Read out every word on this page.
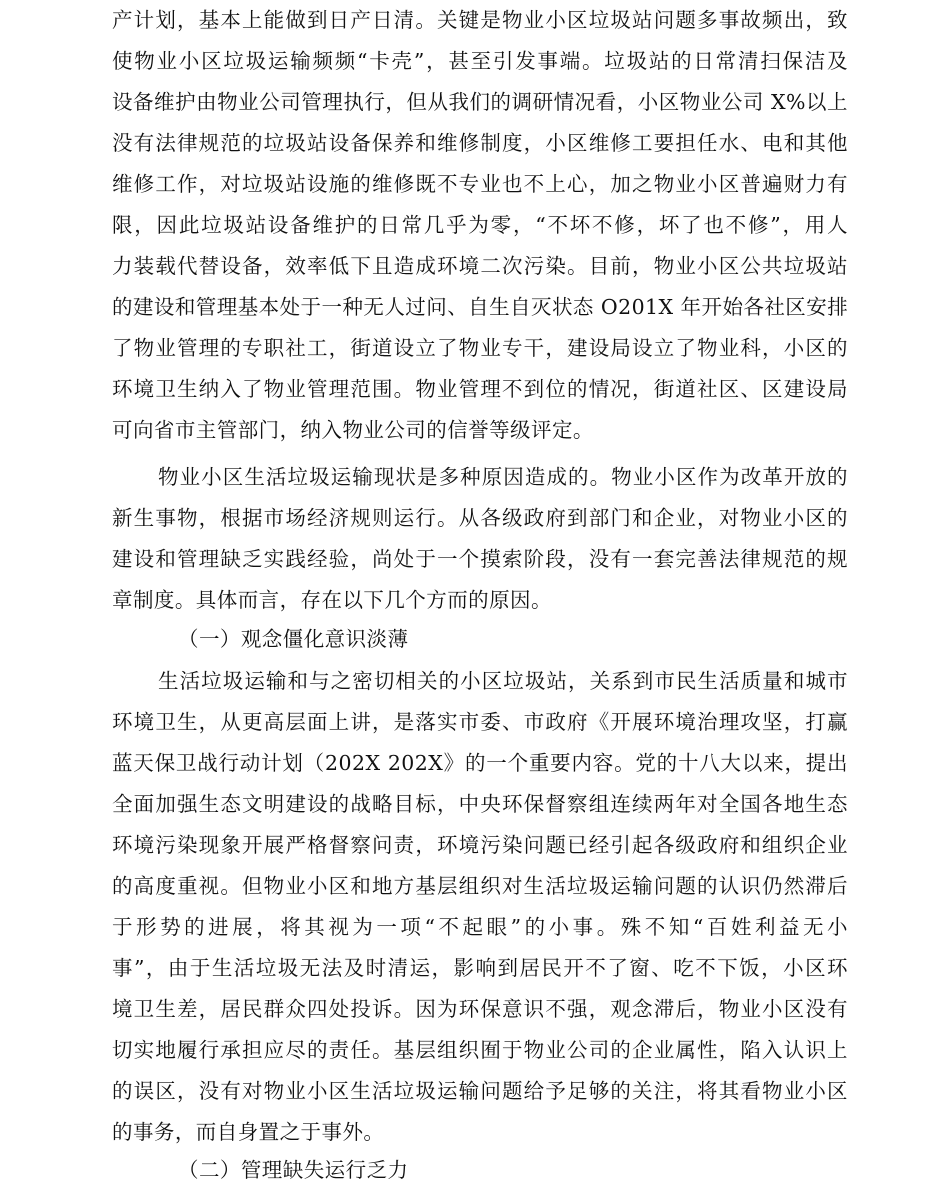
产计划，基本上能做到日产日清。关键是物业小区垃圾站问题多事故频出，致
使物业小区垃圾运输频频“卡壳”，甚至引发事端。垃圾站的日常清扫保洁及
设备维护由物业公司管理执行，但从我们的调研情况看，小区物业公司 X%以上
没有法律规范的垃圾站设备保养和维修制度，小区维修工要担任水、电和其他
维修工作，对垃圾站设施的维修既不专业也不上心，加之物业小区普遍财力有
限，因此垃圾站设备维护的日常几乎为零，“不坏不修，坏了也不修”，用人
力装载代替设备，效率低下且造成环境二次污染。目前，物业小区公共垃圾站
的建设和管理基本处于一种无人过问、自生自灭状态 O201X 年开始各社区安排
了物业管理的专职社工，街道设立了物业专干，建设局设立了物业科，小区的
环境卫生纳入了物业管理范围。物业管理不到位的情况，街道社区、区建设局
可向省市主管部门，纳入物业公司的信誉等级评定。
物业小区生活垃圾运输现状是多种原因造成的。物业小区作为改革开放的
新生事物，根据市场经济规则运行。从各级政府到部门和企业，对物业小区的
建设和管理缺乏实践经验，尚处于一个摸索阶段，没有一套完善法律规范的规
章制度。具体而言，存在以下几个方而的原因。
（一）观念僵化意识淡薄
生活垃圾运输和与之密切相关的小区垃圾站，关系到市民生活质量和城市
环境卫生，从更高层面上讲，是落实市委、市政府《开展环境治理攻坚，打赢
蓝天保卫战行动计划（202X 202X》的一个重要内容。党的十八大以来，提出
全面加强生态文明建设的战略目标，中央环保督察组连续两年对全国各地生态
环境污染现象开展严格督察问责，环境污染问题已经引起各级政府和组织企业
的高度重视。但物业小区和地方基层组织对生活垃圾运输问题的认识仍然滞后
于形势的进展，将其视为一项“不起眼”的小事。殊不知“百姓利益无小
事”，由于生活垃圾无法及时清运，影响到居民开不了窗、吃不下饭，小区环
境卫生差，居民群众四处投诉。因为环保意识不强，观念滞后，物业小区没有
切实地履行承担应尽的责任。基层组织囿于物业公司的企业属性，陷入认识上
的误区，没有对物业小区生活垃圾运输问题给予足够的关注，将其看物业小区
的事务，而自身置之于事外。
（二）管理缺失运行乏力
